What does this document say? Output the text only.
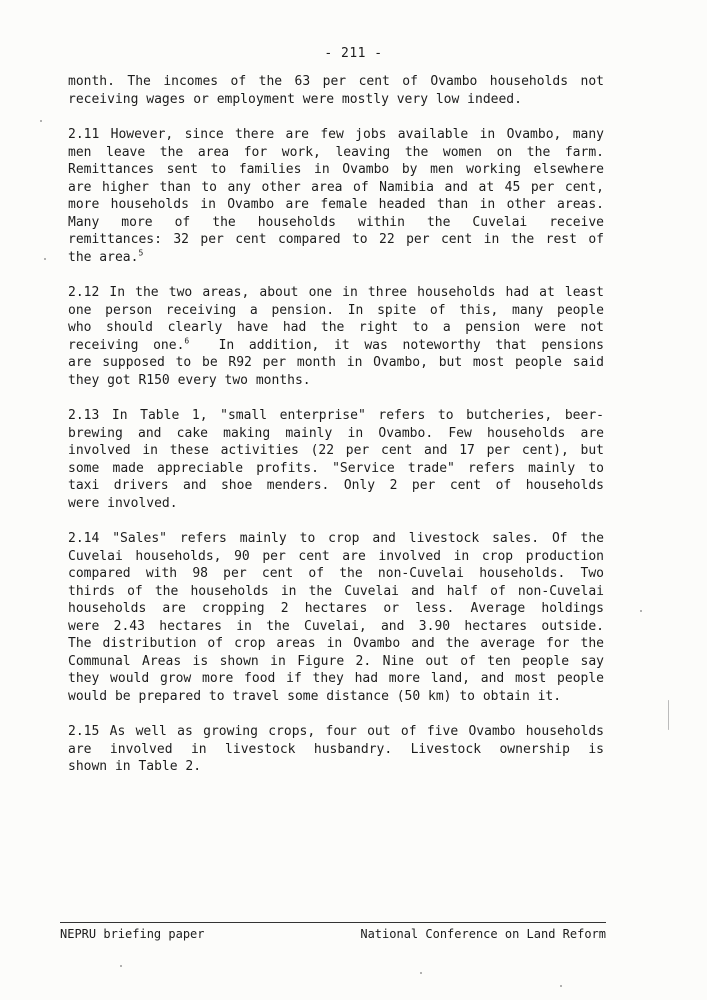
- 211 -

month. The incomes of the 63 per cent of Ovambo households not
receiving wages or employment were mostly very low indeed.

2.11 However, since there are few jobs available in Ovambo, many
men leave the area for work, leaving the women on the farm.
Remittances sent to families in Ovambo by men working elsewhere
are higher than to any other area of Namibia and at 45 per cent,
more households in Ovambo are female headed than in other areas.
Many more of the households within the Cuvelai receive
remittances: 32 per cent compared to 22 per cent in the rest of
the area.$^5$

2.12 In the two areas, about one in three households had at least
one person receiving a pension. In spite of this, many people
who should clearly have had the right to a pension were not
receiving one.$^6$ In addition, it was noteworthy that pensions
are supposed to be R92 per month in Ovambo, but most people said
they got R150 every two months.

2.13 In Table 1, "small enterprise" refers to butcheries, beer-
brewing and cake making mainly in Ovambo. Few households are
involved in these activities (22 per cent and 17 per cent), but
some made appreciable profits. "Service trade" refers mainly to
taxi drivers and shoe menders. Only 2 per cent of households
were involved.

2.14 "Sales" refers mainly to crop and livestock sales. Of the
Cuvelai households, 90 per cent are involved in crop production
compared with 98 per cent of the non-Cuvelai households. Two
thirds of the households in the Cuvelai and half of non-Cuvelai
households are cropping 2 hectares or less. Average holdings
were 2.43 hectares in the Cuvelai, and 3.90 hectares outside.
The distribution of crop areas in Ovambo and the average for the
Communal Areas is shown in Figure 2. Nine out of ten people say
they would grow more food if they had more land, and most people
would be prepared to travel some distance (50 km) to obtain it.

2.15 As well as growing crops, four out of five Ovambo households
are involved in livestock husbandry. Livestock ownership is
shown in Table 2.

NEPRU briefing paper	National Conference on Land Reform
